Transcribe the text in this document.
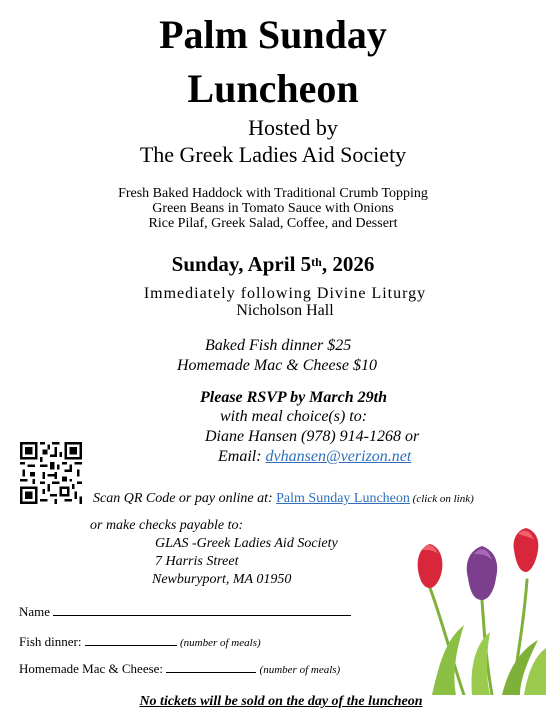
Palm Sunday
Luncheon
Hosted by
The Greek Ladies Aid Society
Fresh Baked Haddock with Traditional Crumb Topping
Green Beans in Tomato Sauce with Onions
Rice Pilaf, Greek Salad, Coffee, and Dessert
Sunday, April 5th, 2026
Immediately following Divine Liturgy
Nicholson Hall
Baked Fish dinner $25
Homemade Mac & Cheese $10
Please RSVP by March 29th
with meal choice(s) to:
Diane Hansen (978) 914-1268 or
Email: dvhansen@verizon.net
Scan QR Code or pay online at: Palm Sunday Luncheon (click on link)
or make checks payable to:
GLAS -Greek Ladies Aid Society
7 Harris Street
Newburyport, MA 01950
Name
Fish dinner:	(number of meals)
Homemade Mac & Cheese:	(number of meals)
No tickets will be sold on the day of the luncheon
